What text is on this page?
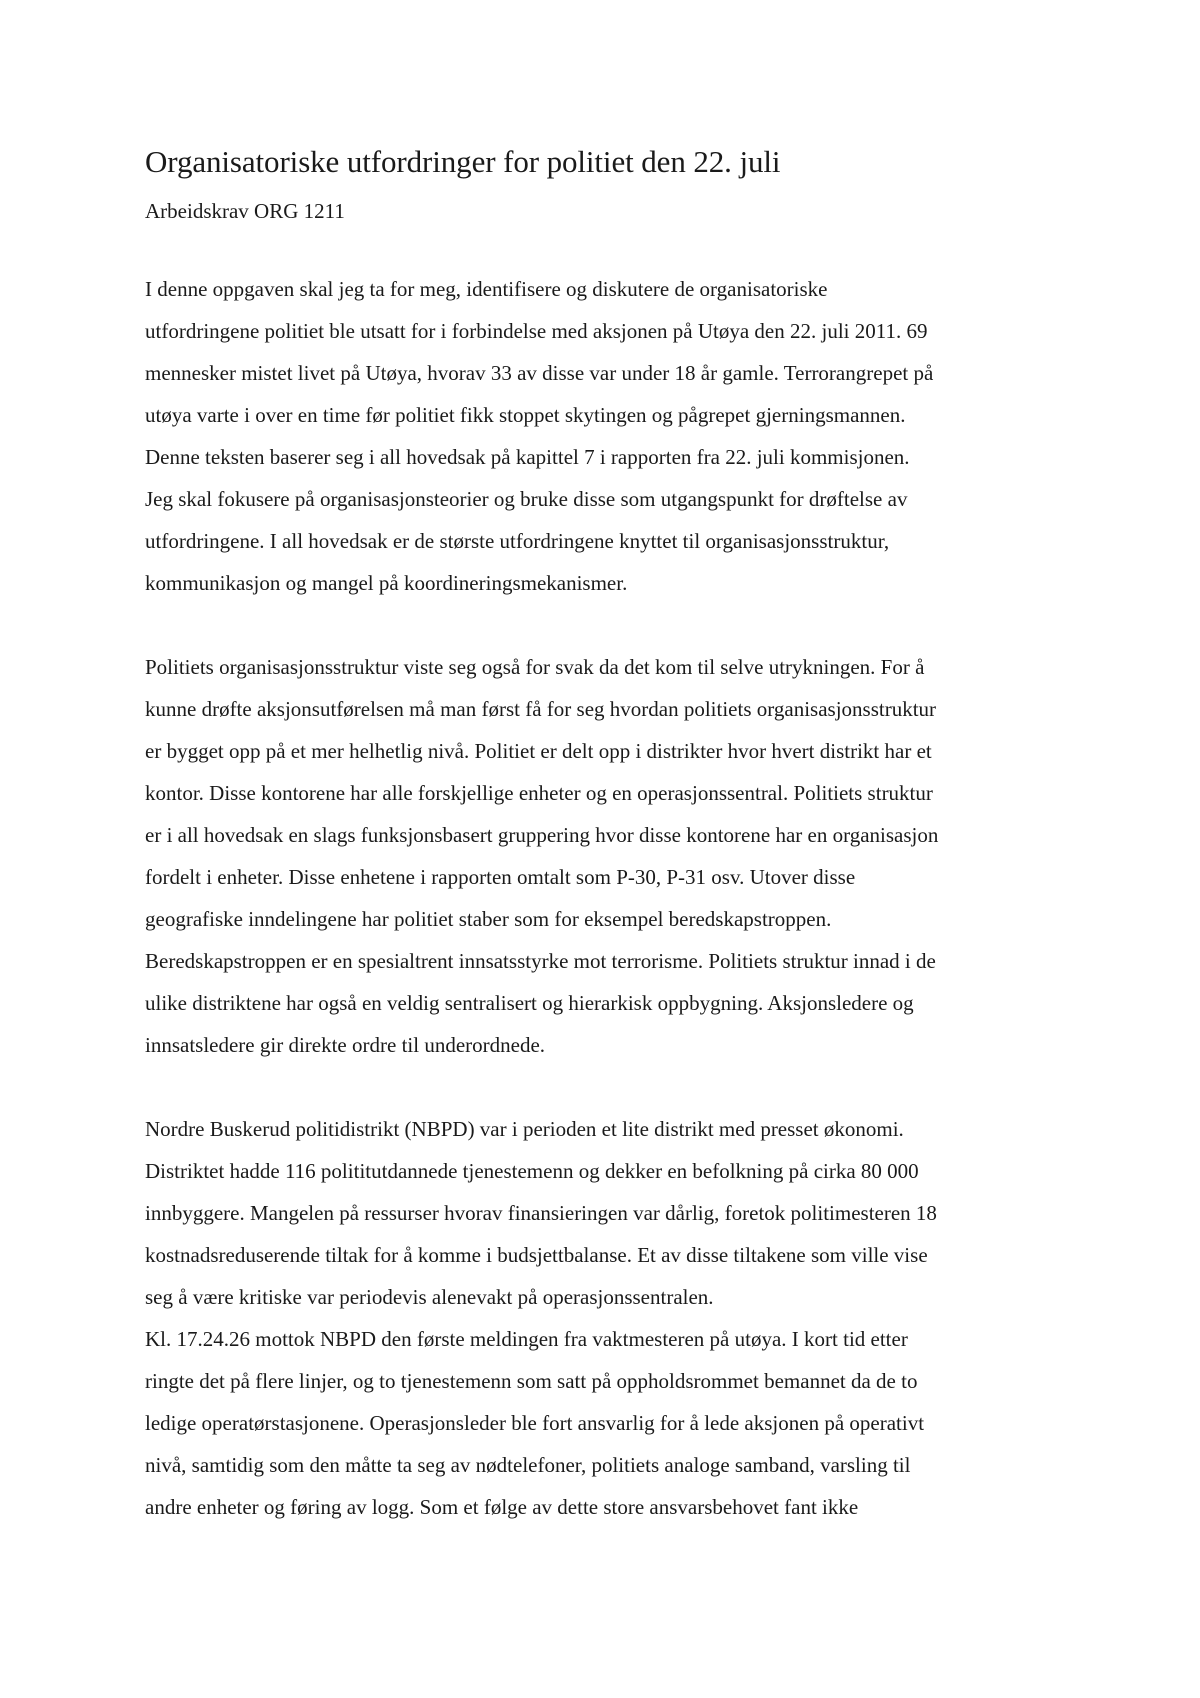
Organisatoriske utfordringer for politiet den 22. juli
Arbeidskrav ORG 1211
I denne oppgaven skal jeg ta for meg, identifisere og diskutere de organisatoriske
utfordringene politiet ble utsatt for i forbindelse med aksjonen på Utøya den 22. juli 2011. 69
mennesker mistet livet på Utøya, hvorav 33 av disse var under 18 år gamle. Terrorangrepet på
utøya varte i over en time før politiet fikk stoppet skytingen og pågrepet gjerningsmannen.
Denne teksten baserer seg i all hovedsak på kapittel 7 i rapporten fra 22. juli kommisjonen.
Jeg skal fokusere på organisasjonsteorier og bruke disse som utgangspunkt for drøftelse av
utfordringene. I all hovedsak er de største utfordringene knyttet til organisasjonsstruktur,
kommunikasjon og mangel på koordineringsmekanismer.
Politiets organisasjonsstruktur viste seg også for svak da det kom til selve utrykningen. For å
kunne drøfte aksjonsutførelsen må man først få for seg hvordan politiets organisasjonsstruktur
er bygget opp på et mer helhetlig nivå. Politiet er delt opp i distrikter hvor hvert distrikt har et
kontor. Disse kontorene har alle forskjellige enheter og en operasjonssentral. Politiets struktur
er i all hovedsak en slags funksjonsbasert gruppering hvor disse kontorene har en organisasjon
fordelt i enheter. Disse enhetene i rapporten omtalt som P-30, P-31 osv. Utover disse
geografiske inndelingene har politiet staber som for eksempel beredskapstroppen.
Beredskapstroppen er en spesialtrent innsatsstyrke mot terrorisme. Politiets struktur innad i de
ulike distriktene har også en veldig sentralisert og hierarkisk oppbygning. Aksjonsledere og
innsatsledere gir direkte ordre til underordnede.
Nordre Buskerud politidistrikt (NBPD) var i perioden et lite distrikt med presset økonomi.
Distriktet hadde 116 polititutdannede tjenestemenn og dekker en befolkning på cirka 80 000
innbyggere. Mangelen på ressurser hvorav finansieringen var dårlig, foretok politimesteren 18
kostnadsreduserende tiltak for å komme i budsjettbalanse. Et av disse tiltakene som ville vise
seg å være kritiske var periodevis alenevakt på operasjonssentralen.
Kl. 17.24.26 mottok NBPD den første meldingen fra vaktmesteren på utøya. I kort tid etter
ringte det på flere linjer, og to tjenestemenn som satt på oppholdsrommet bemannet da de to
ledige operatørstasjonene. Operasjonsleder ble fort ansvarlig for å lede aksjonen på operativt
nivå, samtidig som den måtte ta seg av nødtelefoner, politiets analoge samband, varsling til
andre enheter og føring av logg. Som et følge av dette store ansvarsbehovet fant ikke
